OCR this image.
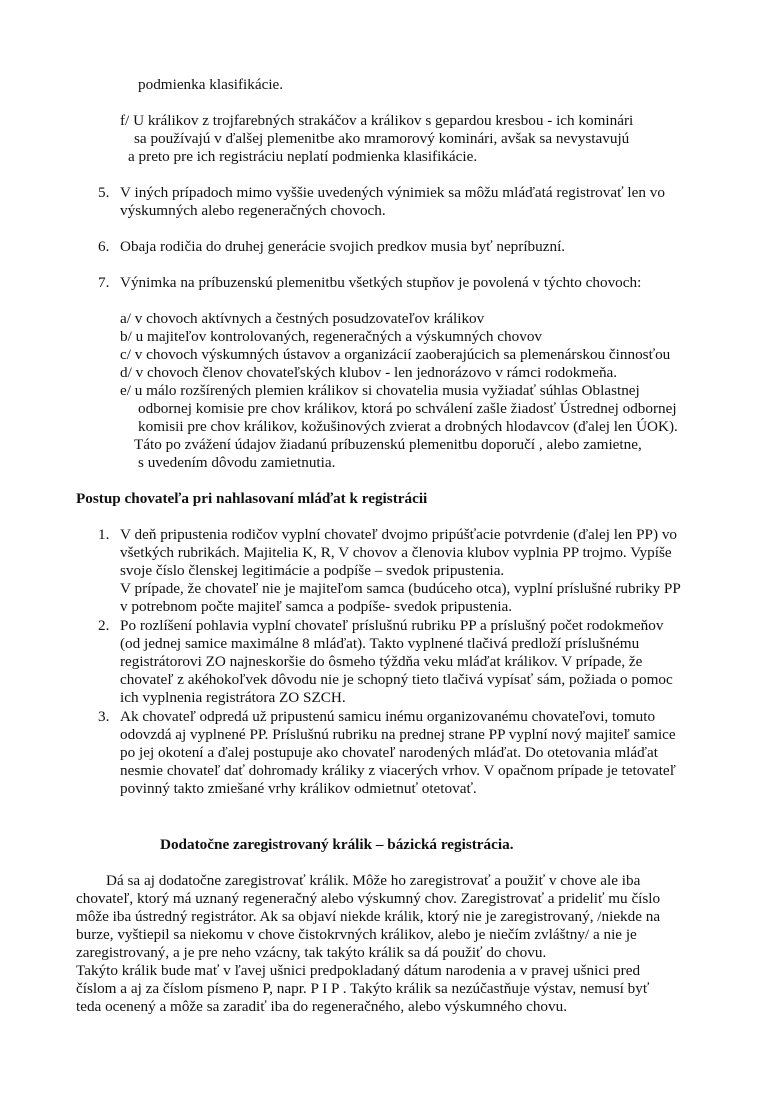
podmienka klasifikácie.
f/ U králikov z trojfarebných strakáčov a králikov s gepardou kresbou - ich kominári
sa používajú v ďalšej plemenitbe ako mramorový kominári, avšak sa nevystavujú
a preto pre ich registráciu neplatí podmienka klasifikácie.
5. V iných prípadoch mimo vyššie uvedených výnimiek sa môžu mláďatá registrovať len vo
výskumných alebo regeneračných chovoch.
6. Obaja rodičia do druhej generácie svojich predkov musia byť nepríbuzní.
7. Výnimka na príbuzenskú plemenitbu všetkých stupňov je povolená v týchto chovoch:
a/ v chovoch aktívnych a čestných posudzovateľov králikov
b/ u majiteľov kontrolovaných, regeneračných a výskumných chovov
c/ v chovoch výskumných ústavov a organizácií zaoberajúcich sa plemenárskou činnosťou
d/ v chovoch členov chovateľských klubov - len jednorázovo v rámci rodokmeňa.
e/ u málo rozšírených plemien králikov si chovatelia musia vyžiadať súhlas Oblastnej
odbornej komisie pre chov králikov, ktorá po schválení zašle žiadosť Ústrednej odbornej
komisii pre chov králikov, kožušinových zvierat a drobných hlodavcov (ďalej len ÚOK).
Táto po zvážení údajov žiadanú príbuzenskú plemenitbu doporučí , alebo zamietne,
s uvedením dôvodu zamietnutia.
Postup chovateľa pri nahlasovaní mláďat k registrácii
1. V deň pripustenia rodičov vyplní chovateľ dvojmo pripúšťacie potvrdenie (ďalej len PP) vo
všetkých rubrikách. Majitelia K, R, V chovov a členovia klubov vyplnia PP trojmo. Vypíše
svoje číslo členskej legitimácie a podpíše – svedok pripustenia.
V prípade, že chovateľ nie je majiteľom samca (budúceho otca), vyplní príslušné rubriky PP
v potrebnom počte majiteľ samca a podpíše- svedok pripustenia.
2. Po rozlíšení pohlavia vyplní chovateľ príslušnú rubriku PP a príslušný počet rodokmeňov
(od jednej samice maximálne 8 mláďat). Takto vyplnené tlačivá predloží príslušnému
registrátorovi ZO najneskoršie do ôsmeho týždňa veku mláďat králikov. V prípade, že
chovateľ z akéhokoľvek dôvodu nie je schopný tieto tlačivá vypísať sám, požiada o pomoc
ich vyplnenia registrátora ZO SZCH.
3. Ak chovateľ odpredá už pripustenú samicu inému organizovanému chovateľovi, tomuto
odovzdá aj vyplnené PP. Príslušnú rubriku na prednej strane PP vyplní nový majiteľ samice
po jej okotení a ďalej postupuje ako chovateľ narodených mláďat. Do otetovania mláďat
nesmie chovateľ dať dohromady králiky z viacerých vrhov. V opačnom prípade je tetovateľ
povinný takto zmiešané vrhy králikov odmietnuť otetovať.
Dodatočne zaregistrovaný králik – bázická registrácia.
Dá sa aj dodatočne zaregistrovať králik. Môže ho zaregistrovať a použiť v chove ale iba
chovateľ, ktorý má uznaný regeneračný alebo výskumný chov. Zaregistrovať a prideliť mu číslo
môže iba ústredný registrátor. Ak sa objaví niekde králik, ktorý nie je zaregistrovaný, /niekde na
burze, vyštiepil sa niekomu v chove čistokrvných králikov, alebo je niečím zvláštny/ a nie je
zaregistrovaný, a je pre neho vzácny, tak takýto králik sa dá použiť do chovu.
Takýto králik bude mať v ľavej ušnici predpokladaný dátum narodenia a v pravej ušnici pred
číslom a aj za číslom písmeno P, napr. P I P . Takýto králik sa nezúčastňuje výstav, nemusí byť
teda ocenený a môže sa zaradiť iba do regeneračného, alebo výskumného chovu.
